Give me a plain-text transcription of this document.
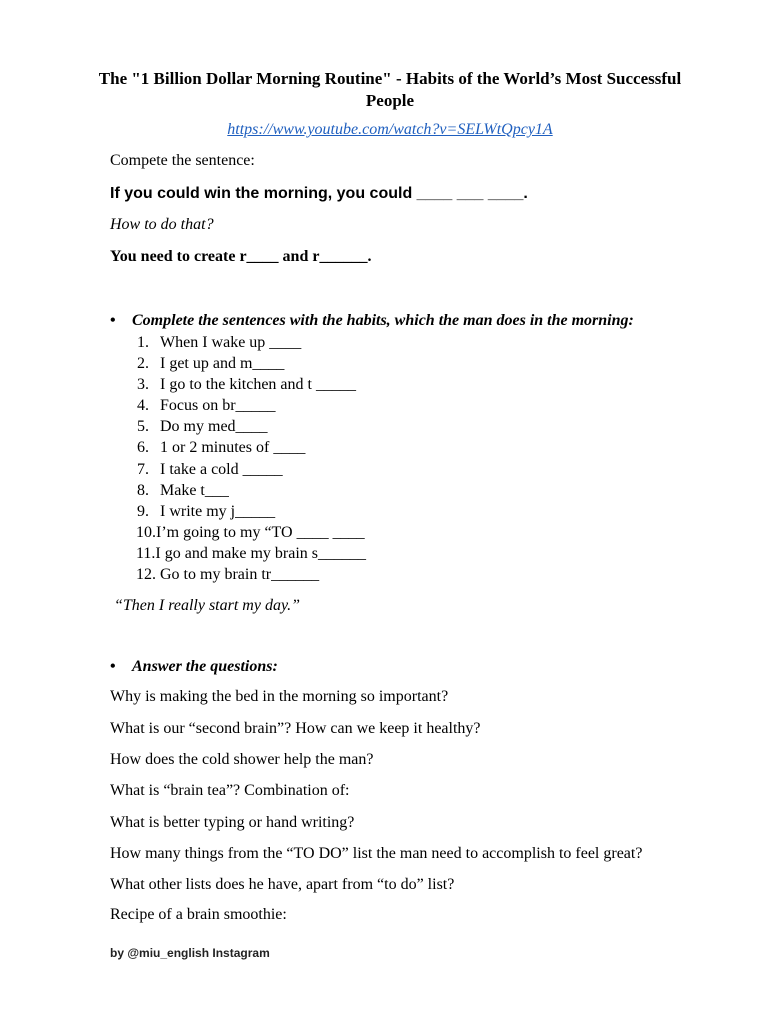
The "1 Billion Dollar Morning Routine" - Habits of the World’s Most Successful People
https://www.youtube.com/watch?v=SELWtQpcy1A
Compete the sentence:
If you could win the morning, you could ____ ___ ____.
How to do that?
You need to create r____ and r______.
• Complete the sentences with the habits, which the man does in the morning:
1. When I wake up ____
2. I get up and m____
3. I go to the kitchen and t _____
4. Focus on br_____
5. Do my med____
6. 1 or 2 minutes of ____
7. I take a cold _____
8. Make t___
9. I write my j_____
10.I’m going to my “TO ____ ____
11.I go and make my brain s______
12. Go to my brain tr______
“Then I really start my day.”
• Answer the questions:
Why is making the bed in the morning so important?
What is our “second brain”? How can we keep it healthy?
How does the cold shower help the man?
What is “brain tea”? Combination of:
What is better typing or hand writing?
How many things from the “TO DO” list the man need to accomplish to feel great?
What other lists does he have, apart from “to do” list?
Recipe of a brain smoothie:
by @miu_english Instagram
